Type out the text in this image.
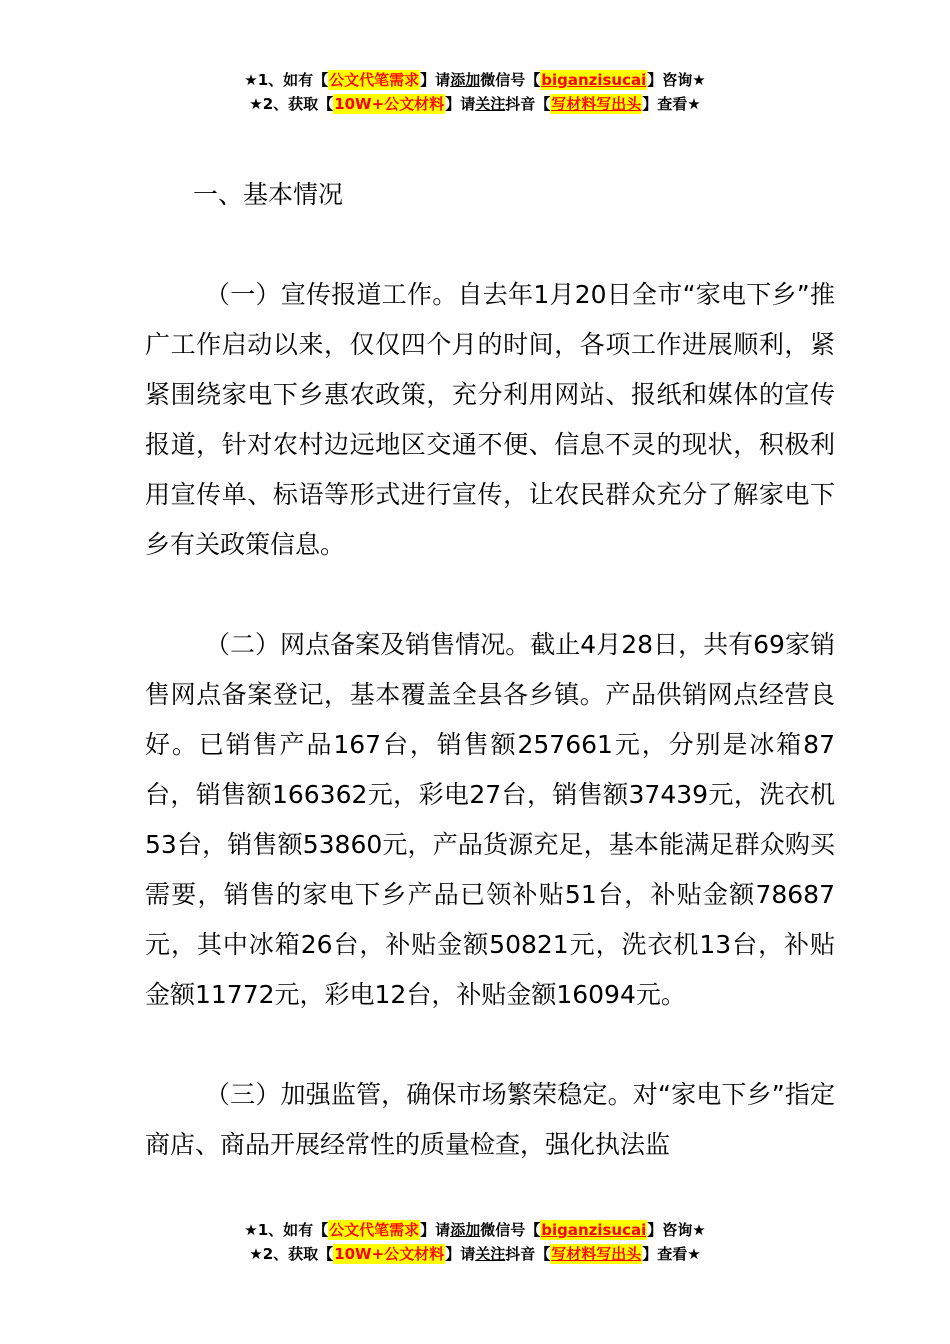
★1、如有【公文代笔需求】请添加微信号【biganzisucai】咨询★
★2、获取【10W+公文材料】请关注抖音【写材料写出头】查看★
一、基本情况

（一）宣传报道工作。自去年1月20日全市“家电下乡”推广工作启动以来，仅仅四个月的时间，各项工作进展顺利，紧紧围绕家电下乡惠农政策，充分利用网站、报纸和媒体的宣传报道，针对农村边远地区交通不便、信息不灵的现状，积极利用宣传单、标语等形式进行宣传，让农民群众充分了解家电下乡有关政策信息。

（二）网点备案及销售情况。截止4月28日，共有69家销售网点备案登记，基本覆盖全县各乡镇。产品供销网点经营良好。已销售产品167台，销售额257661元，分别是冰箱87台，销售额166362元，彩电27台，销售额37439元，洗衣机53台，销售额53860元，产品货源充足，基本能满足群众购买需要，销售的家电下乡产品已领补贴51台，补贴金额78687元，其中冰箱26台，补贴金额50821元，洗衣机13台，补贴金额11772元，彩电12台，补贴金额16094元。

（三）加强监管，确保市场繁荣稳定。对“家电下乡”指定商店、商品开展经常性的质量检查，强化执法监

★1、如有【公文代笔需求】请添加微信号【biganzisucai】咨询★
★2、获取【10W+公文材料】请关注抖音【写材料写出头】查看★
